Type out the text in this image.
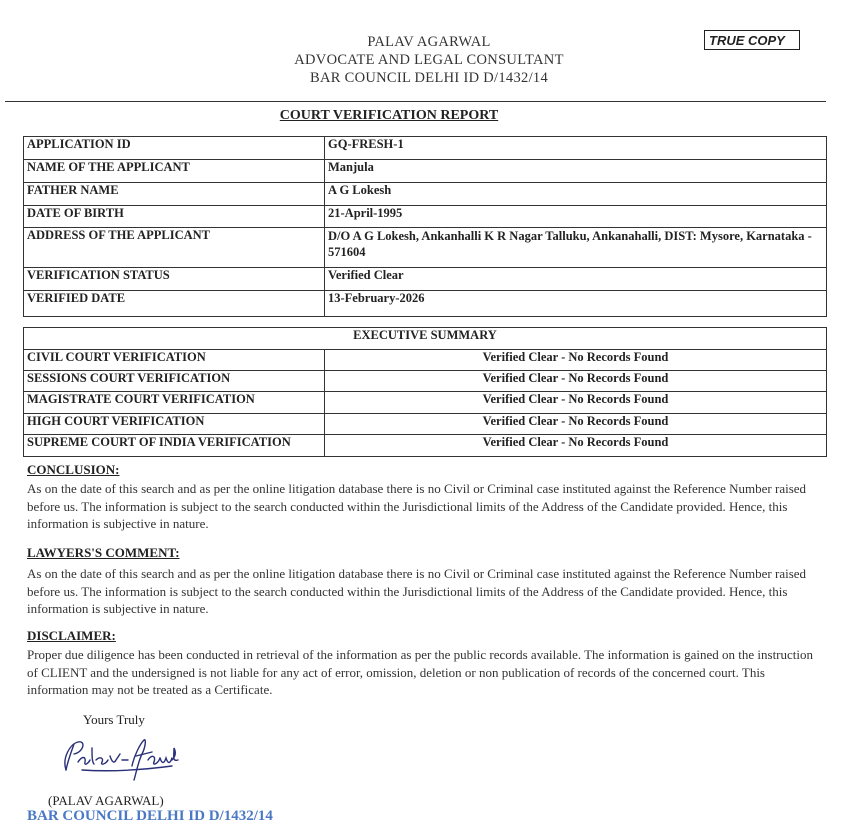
PALAV AGARWAL
ADVOCATE AND LEGAL CONSULTANT
BAR COUNCIL DELHI ID D/1432/14
TRUE COPY
COURT VERIFICATION REPORT
APPLICATION ID	GQ-FRESH-1
NAME OF THE APPLICANT	Manjula
FATHER NAME	A G Lokesh
DATE OF BIRTH	21-April-1995
ADDRESS OF THE APPLICANT	D/O A G Lokesh, Ankanhalli K R Nagar Talluku, Ankanahalli, DIST: Mysore, Karnataka - 571604
VERIFICATION STATUS	Verified Clear
VERIFIED DATE	13-February-2026
EXECUTIVE SUMMARY	
CIVIL COURT VERIFICATION	Verified Clear - No Records Found
SESSIONS COURT VERIFICATION	Verified Clear - No Records Found
MAGISTRATE COURT VERIFICATION	Verified Clear - No Records Found
HIGH COURT VERIFICATION	Verified Clear - No Records Found
SUPREME COURT OF INDIA VERIFICATION	Verified Clear - No Records Found
CONCLUSION:
As on the date of this search and as per the online litigation database there is no Civil or Criminal case instituted against the Reference Number raised before us. The information is subject to the search conducted within the Jurisdictional limits of the Address of the Candidate provided. Hence, this information is subjective in nature.
LAWYERS'S COMMENT:
As on the date of this search and as per the online litigation database there is no Civil or Criminal case instituted against the Reference Number raised before us. The information is subject to the search conducted within the Jurisdictional limits of the Address of the Candidate provided. Hence, this information is subjective in nature.
DISCLAIMER:
Proper due diligence has been conducted in retrieval of the information as per the public records available. The information is gained on the instruction of CLIENT and the undersigned is not liable for any act of error, omission, deletion or non publication of records of the concerned court. This information may not be treated as a Certificate.
Yours Truly
(PALAV AGARWAL)
BAR COUNCIL DELHI ID D/1432/14
